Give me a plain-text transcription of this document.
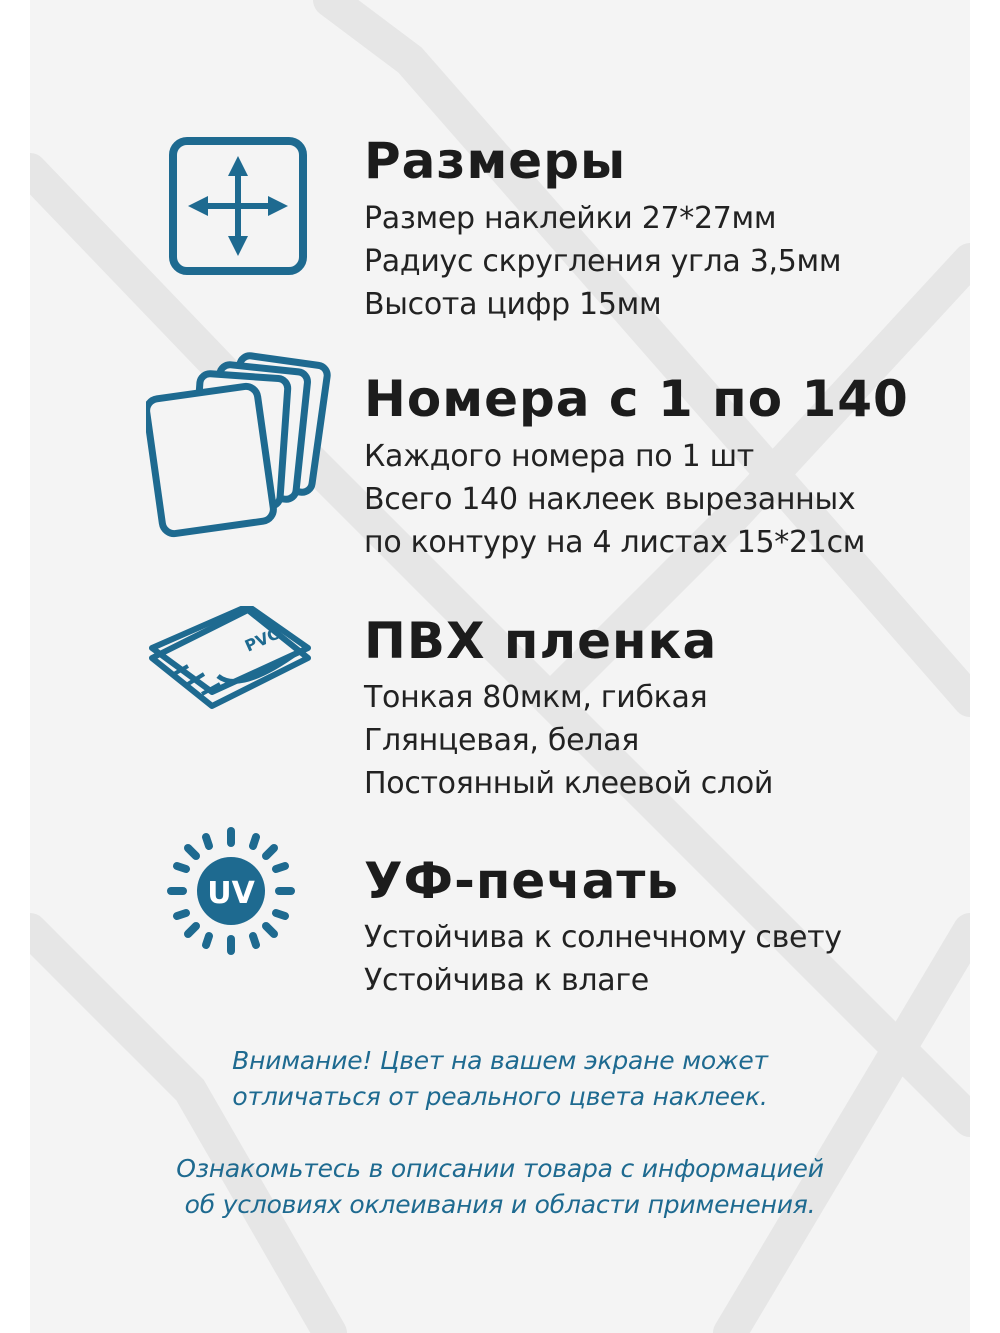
Размеры
Размер наклейки 27*27мм
Радиус скругления угла 3,5мм
Высота цифр 15мм
Номера с 1 по 140
Каждого номера по 1 шт
Всего 140 наклеек вырезанных
по контуру на 4 листах 15*21см
PVC ПВХ пленка
Тонкая 80мкм, гибкая
Глянцевая, белая
Постоянный клеевой слой
UV УФ-печать
Устойчива к солнечному свету
Устойчива к влаге
Внимание! Цвет на вашем экране может
отличаться от реального цвета наклеек.
Ознакомьтесь в описании товара с информацией
об условиях оклеивания и области применения.
